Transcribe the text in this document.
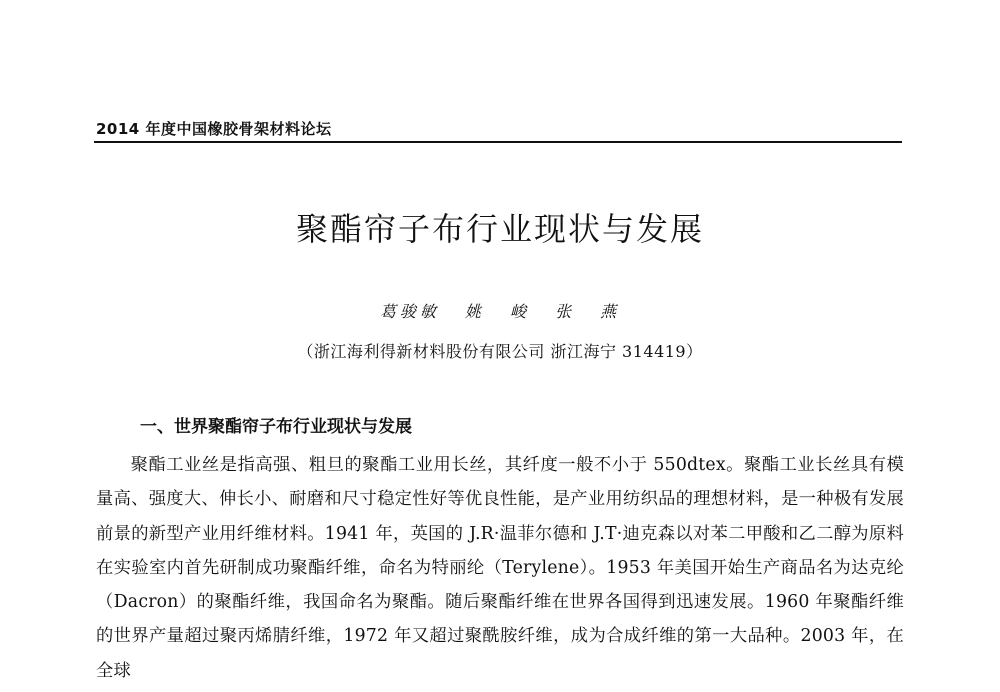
2014 年度中国橡胶骨架材料论坛
聚酯帘子布行业现状与发展
葛骏敏 姚 峻 张 燕
（浙江海利得新材料股份有限公司 浙江海宁 314419）
一、世界聚酯帘子布行业现状与发展

聚酯工业丝是指高强、粗旦的聚酯工业用长丝，其纤度一般不小于 550dtex。聚酯工业长丝具有模量高、强度大、伸长小、耐磨和尺寸稳定性好等优良性能，是产业用纺织品的理想材料，是一种极有发展前景的新型产业用纤维材料。1941 年，英国的 J.R·温菲尔德和 J.T·迪克森以对苯二甲酸和乙二醇为原料在实验室内首先研制成功聚酯纤维，命名为特丽纶（Terylene）。1953 年美国开始生产商品名为达克纶（Dacron）的聚酯纤维，我国命名为聚酯。随后聚酯纤维在世界各国得到迅速发展。1960 年聚酯纤维的世界产量超过聚丙烯腈纤维，1972 年又超过聚酰胺纤维，成为合成纤维的第一大品种。2003 年，在全球
